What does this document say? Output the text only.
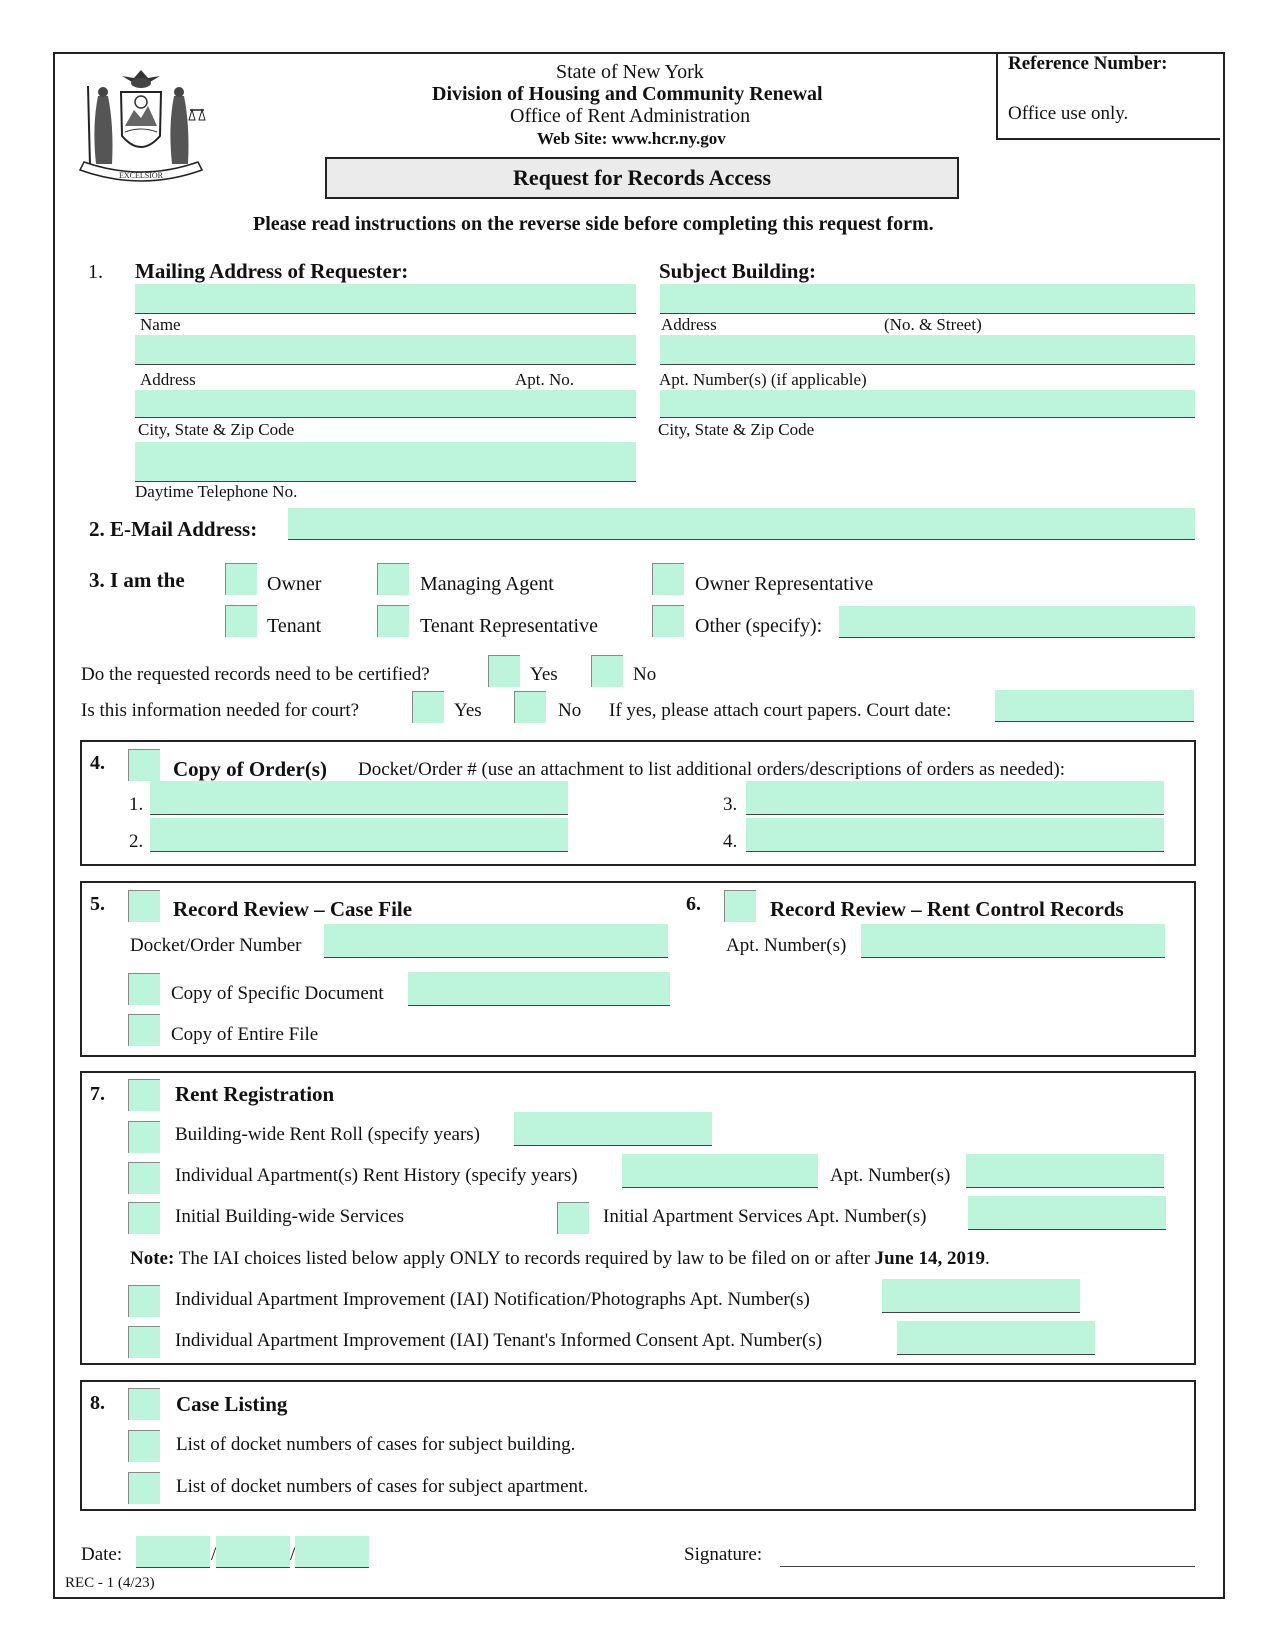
EXCELSIOR
State of New York
Division of Housing and Community Renewal
Office of Rent Administration
Web Site: www.hcr.ny.gov
Reference Number:
Office use only.
Request for Records Access
Please read instructions on the reverse side before completing this request form.
1. Mailing Address of Requester:	Subject Building:
Name
Address	Apt. No.
City, State & Zip Code
Daytime Telephone No.
Address	(No. & Street)
Apt. Number(s) (if applicable)
City, State & Zip Code
2. E-Mail Address:
3. I am the	Owner	Managing Agent	Owner Representative
Tenant	Tenant Representative	Other (specify):
Do the requested records need to be certified?	Yes	No
Is this information needed for court?	Yes	No If yes, please attach court papers. Court date:
4.	Copy of Order(s) Docket/Order # (use an attachment to list additional orders/descriptions of orders as needed):
1.
2.
3.
4.
5.	Record Review – Case File
Docket/Order Number
Copy of Specific Document
Copy of Entire File
6.	Record Review – Rent Control Records
Apt. Number(s)
7.	Rent Registration
Building-wide Rent Roll (specify years)
Individual Apartment(s) Rent History (specify years)	Apt. Number(s)
Initial Building-wide Services	Initial Apartment Services Apt. Number(s)
Note: The IAI choices listed below apply ONLY to records required by law to be filed on or after June 14, 2019.
Individual Apartment Improvement (IAI) Notification/Photographs Apt. Number(s)
Individual Apartment Improvement (IAI) Tenant's Informed Consent Apt. Number(s)
8.	Case Listing
List of docket numbers of cases for subject building.
List of docket numbers of cases for subject apartment.
Date:	/	/	Signature:
REC - 1 (4/23)
